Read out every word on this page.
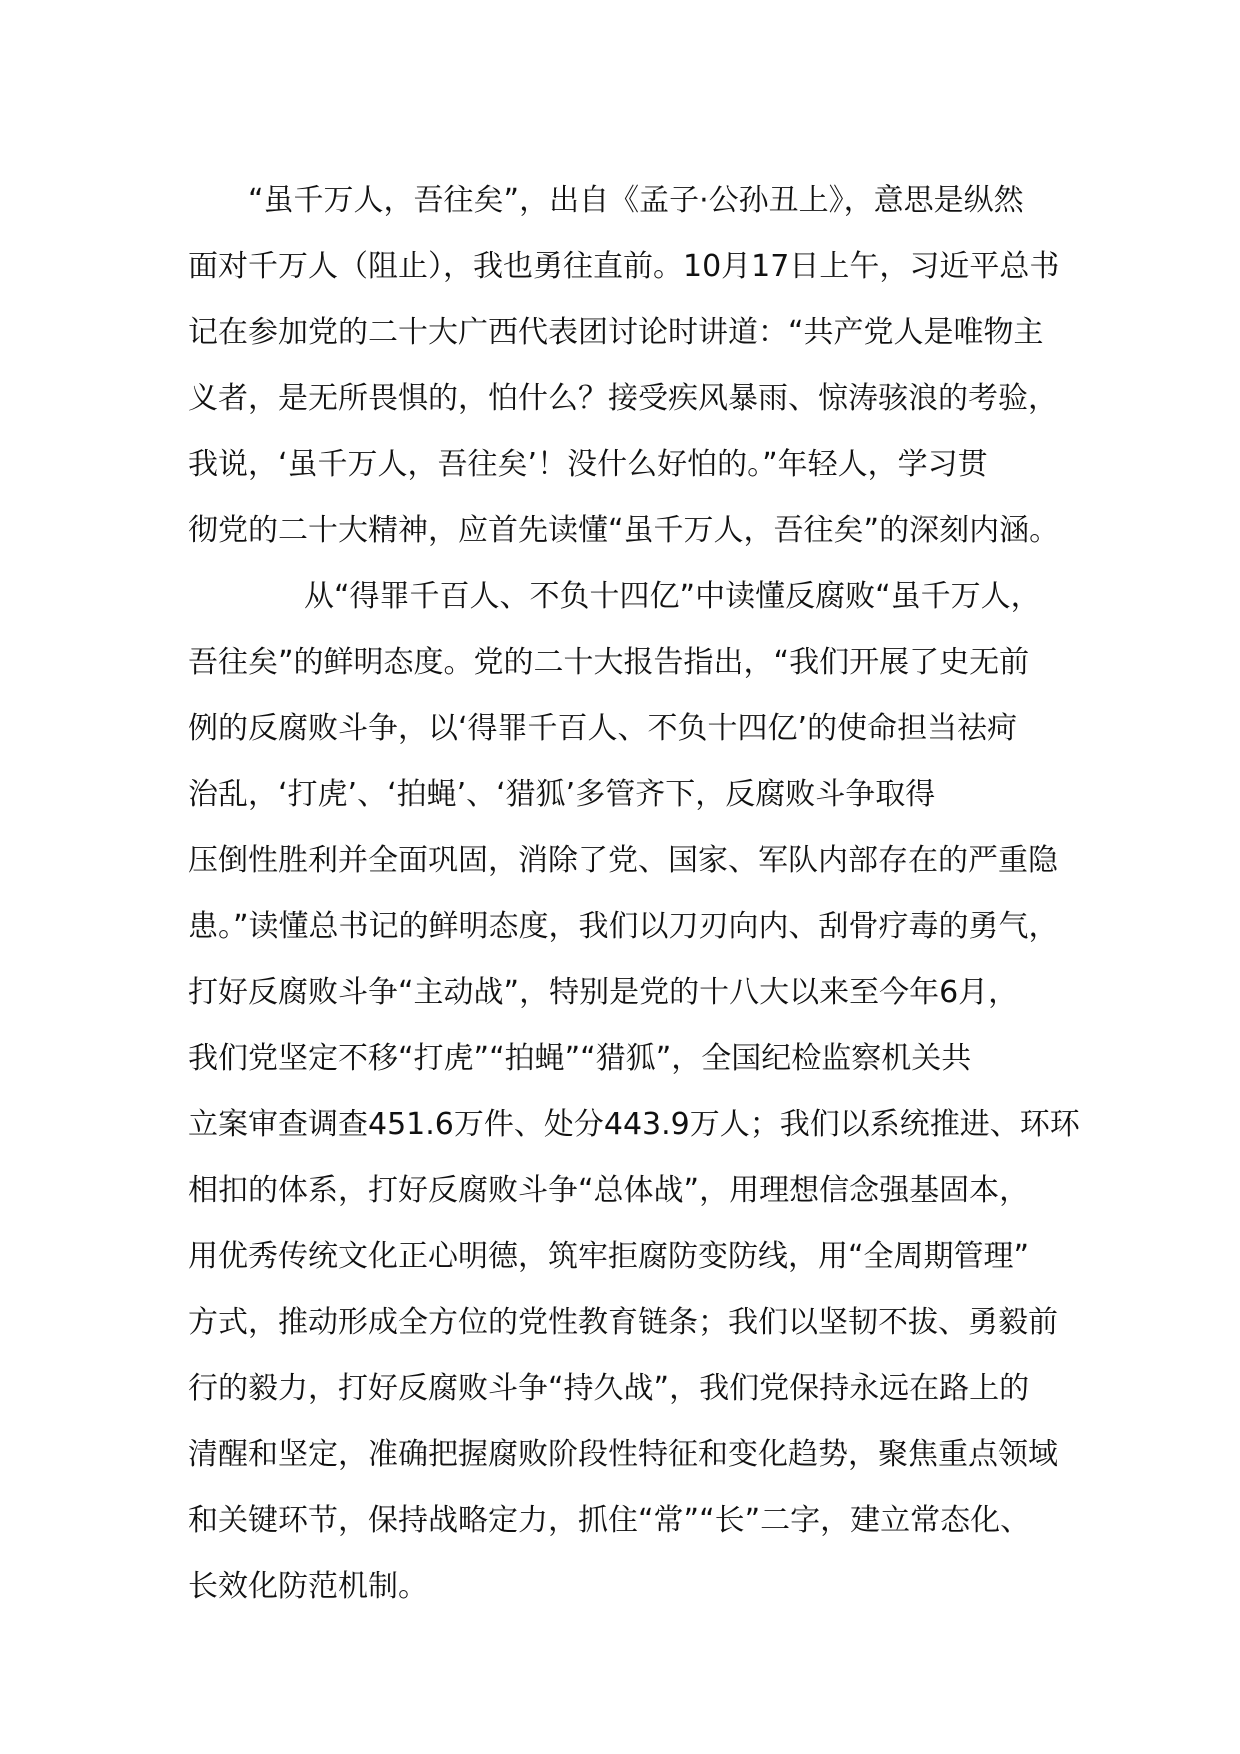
“虽千万人，吾往矣”，出自《孟子·公孙丑上》，意思是纵然
面对千万人（阻止），我也勇往直前。10月17日上午，习近平总书
记在参加党的二十大广西代表团讨论时讲道：“共产党人是唯物主
义者，是无所畏惧的，怕什么？接受疾风暴雨、惊涛骇浪的考验，
我说，‘虽千万人，吾往矣’！没什么好怕的。”年轻人，学习贯
彻党的二十大精神，应首先读懂“虽千万人，吾往矣”的深刻内涵。
从“得罪千百人、不负十四亿”中读懂反腐败“虽千万人，
吾往矣”的鲜明态度。党的二十大报告指出，“我们开展了史无前
例的反腐败斗争，以‘得罪千百人、不负十四亿’的使命担当祛疴
治乱，‘打虎’、‘拍蝇’、‘猎狐’多管齐下，反腐败斗争取得
压倒性胜利并全面巩固，消除了党、国家、军队内部存在的严重隐
患。”读懂总书记的鲜明态度，我们以刀刃向内、刮骨疗毒的勇气，
打好反腐败斗争“主动战”，特别是党的十八大以来至今年6月，
我们党坚定不移“打虎”“拍蝇”“猎狐”，全国纪检监察机关共
立案审查调查451.6万件、处分443.9万人；我们以系统推进、环环
相扣的体系，打好反腐败斗争“总体战”，用理想信念强基固本，
用优秀传统文化正心明德，筑牢拒腐防变防线，用“全周期管理”
方式，推动形成全方位的党性教育链条；我们以坚韧不拔、勇毅前
行的毅力，打好反腐败斗争“持久战”，我们党保持永远在路上的
清醒和坚定，准确把握腐败阶段性特征和变化趋势，聚焦重点领域
和关键环节，保持战略定力，抓住“常”“长”二字，建立常态化、
长效化防范机制。
